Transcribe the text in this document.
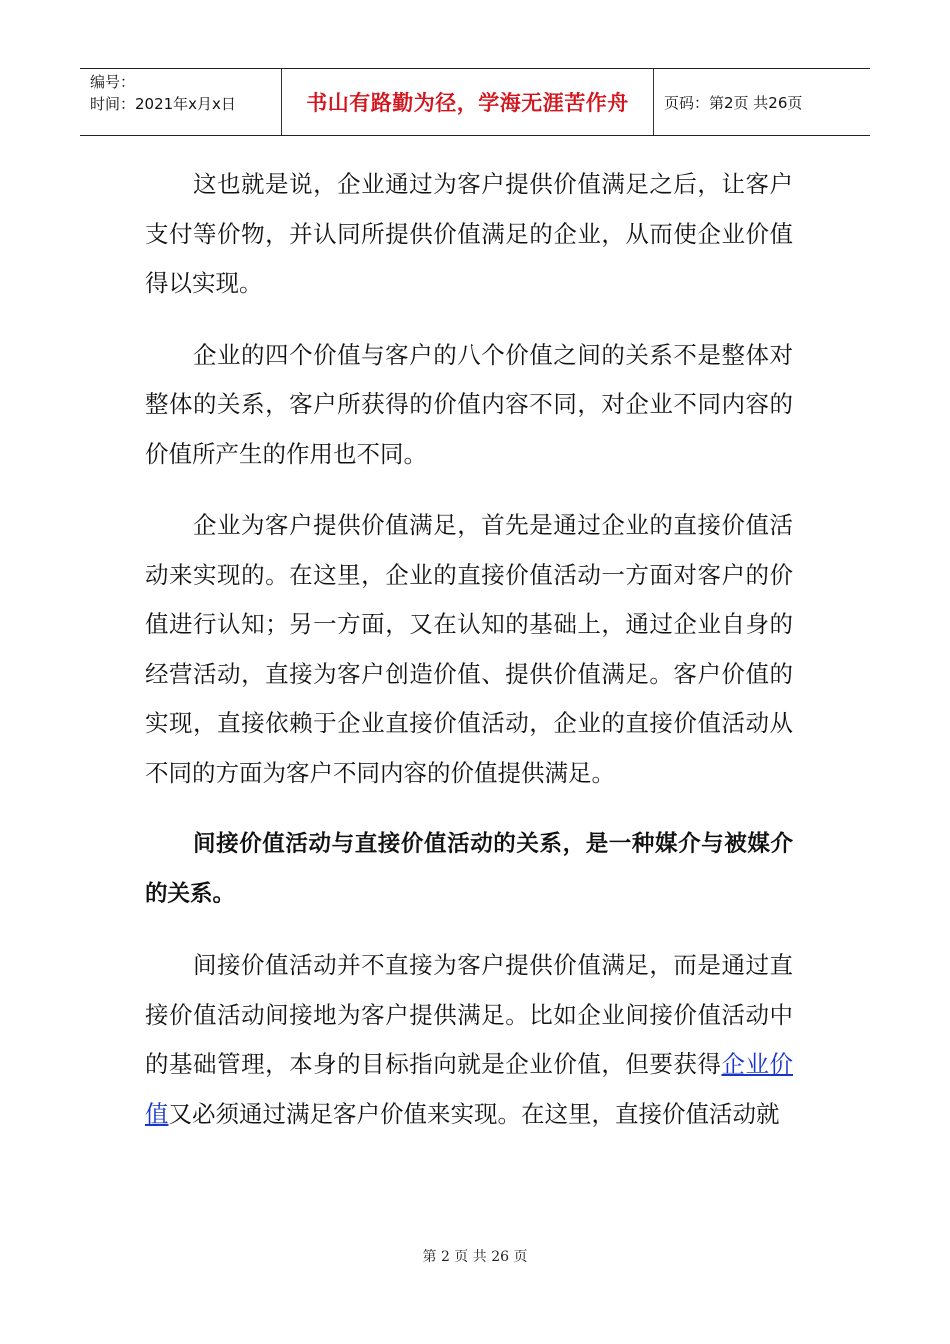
编号：
时间：2021年x月x日	书山有路勤为径，学海无涯苦作舟 页码：第2页 共26页

这也就是说，企业通过为客户提供价值满足之后，让客户支付等价物，并认同所提供价值满足的企业，从而使企业价值得以实现。

企业的四个价值与客户的八个价值之间的关系不是整体对整体的关系，客户所获得的价值内容不同，对企业不同内容的价值所产生的作用也不同。

企业为客户提供价值满足，首先是通过企业的直接价值活动来实现的。在这里，企业的直接价值活动一方面对客户的价值进行认知；另一方面，又在认知的基础上，通过企业自身的经营活动，直接为客户创造价值、提供价值满足。客户价值的实现，直接依赖于企业直接价值活动，企业的直接价值活动从不同的方面为客户不同内容的价值提供满足。

间接价值活动与直接价值活动的关系，是一种媒介与被媒介的关系。

间接价值活动并不直接为客户提供价值满足，而是通过直接价值活动间接地为客户提供满足。比如企业间接价值活动中的基础管理，本身的目标指向就是企业价值，但要获得企业价值又必须通过满足客户价值来实现。在这里，直接价值活动就

第 2 页 共 26 页
